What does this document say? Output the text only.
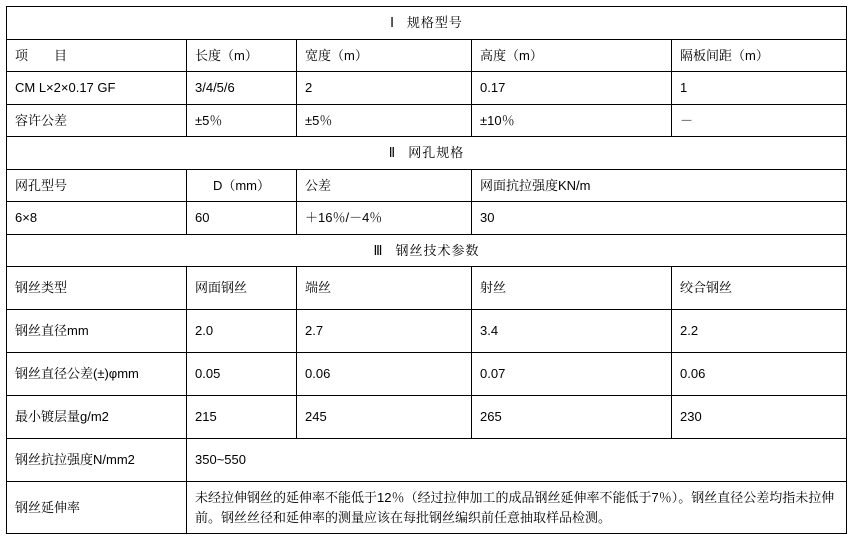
Ⅰ 规格型号				
项　　目	长度（m）	宽度（m）	高度（m）	隔板间距（m）
CM L×2×0.17 GF	3/4/5/6	2	0.17	1
容许公差	±5％	±5％	±10％	－
Ⅱ 网孔规格				
网孔型号	D（mm）	公差	网面抗拉强度KN/m	
6×8	60	＋16％/－4％	30	
Ⅲ 钢丝技术参数				
钢丝类型	网面钢丝	端丝	射丝	绞合钢丝
钢丝直径mm	2.0	2.7	3.4	2.2
钢丝直径公差(±)φmm	0.05	0.06	0.07	0.06
最小镀层量g/m2	215	245	265	230
钢丝抗拉强度N/mm2	350~550			
钢丝延伸率	未经拉伸钢丝的延伸率不能低于12％（经过拉伸加工的成品钢丝延伸率不能低于7％）。钢丝直径公差均指未拉伸前。钢丝丝径和延伸率的测量应该在每批钢丝编织前任意抽取样品检测。			
